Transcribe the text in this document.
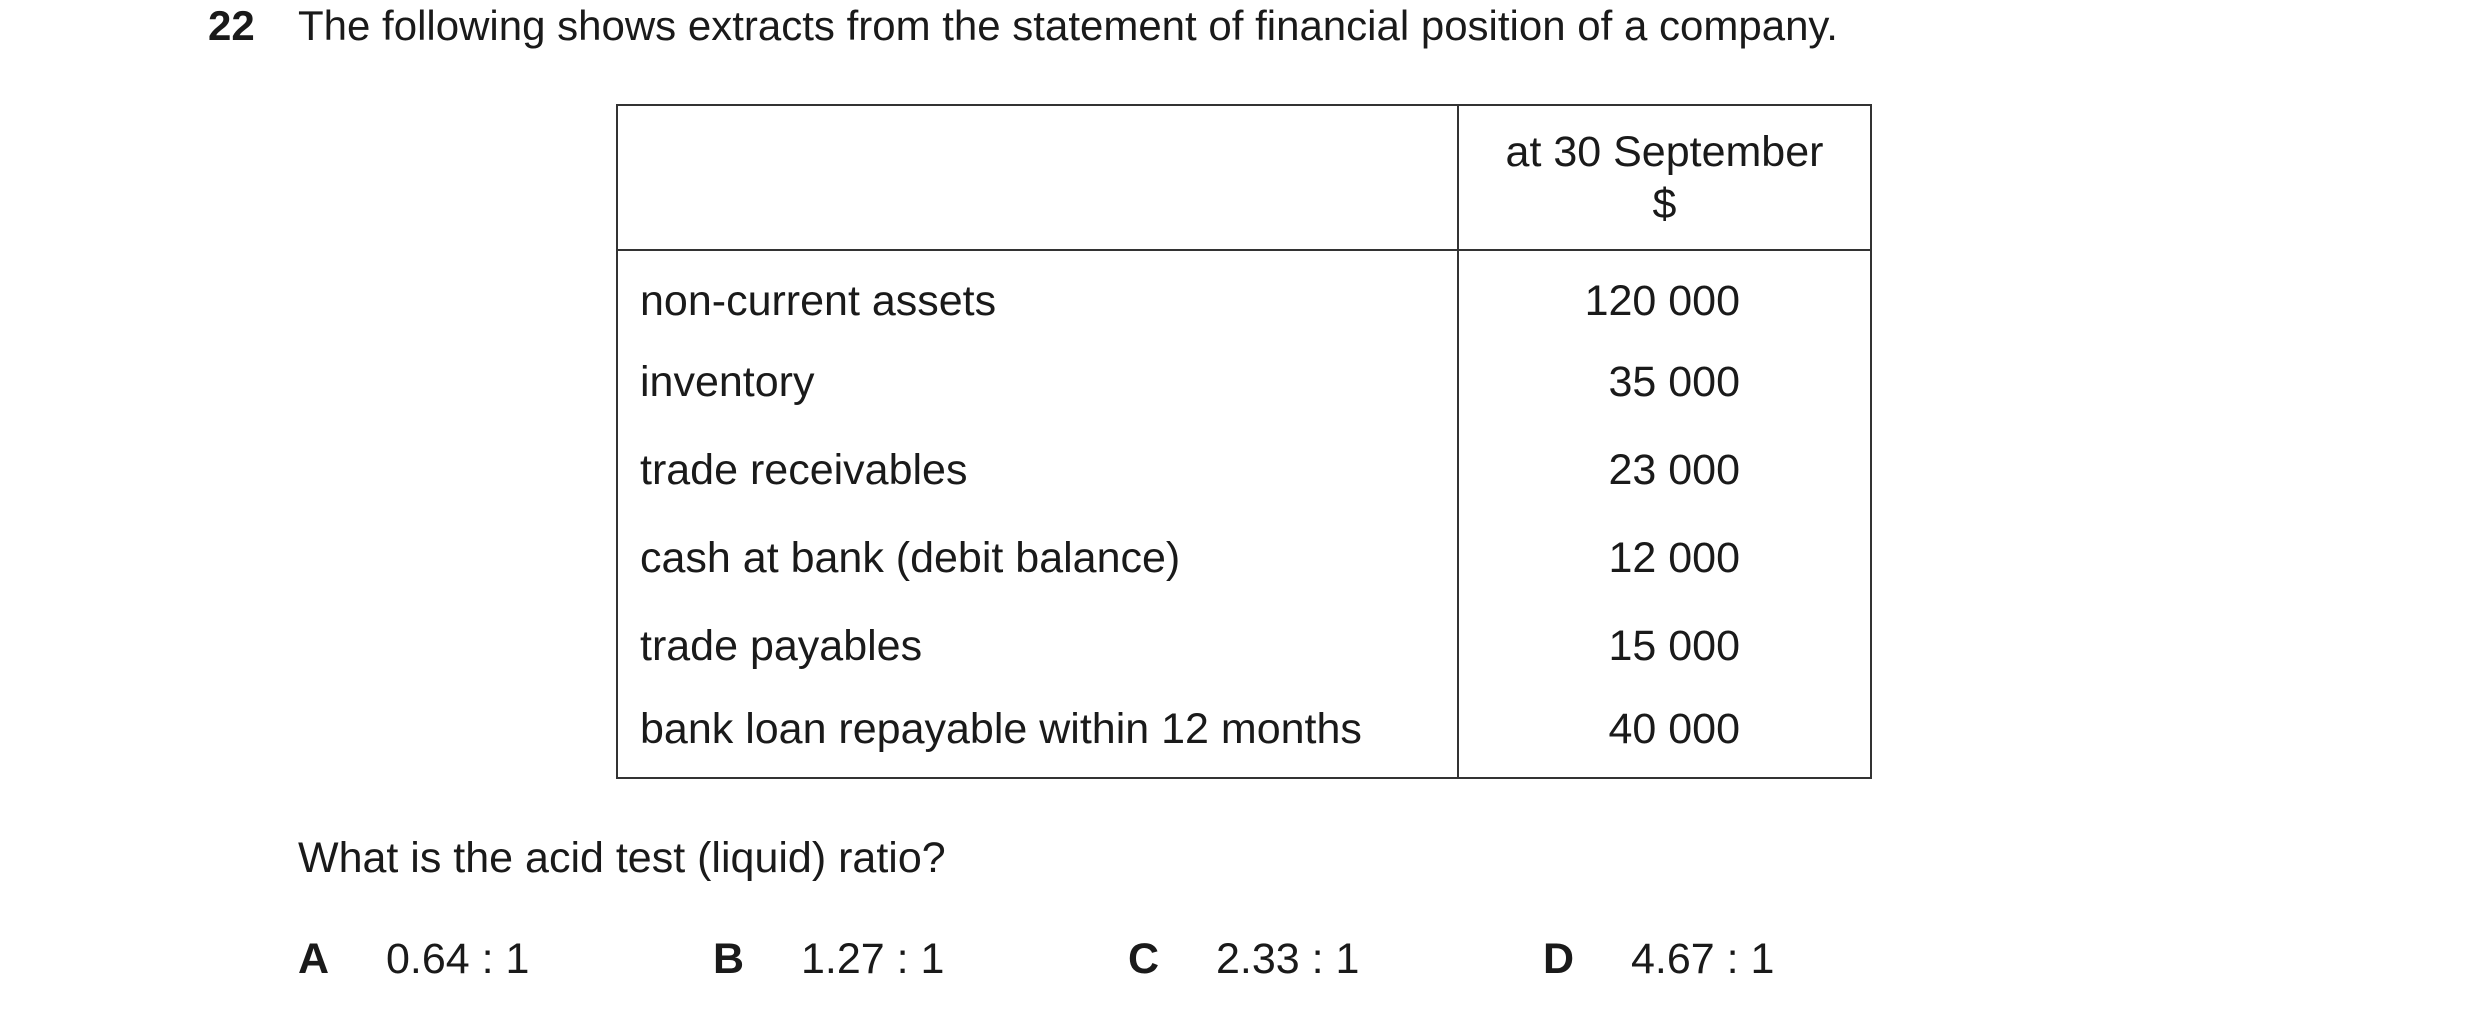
22 The following shows extracts from the statement of financial position of a company.

	at 30 September
$

non-current assets	120 000
inventory	35 000
trade receivables	23 000
cash at bank (debit balance)	12 000
trade payables	15 000
bank loan repayable within 12 months	40 000
What is the acid test (liquid) ratio?
A 0.64 : 1	B 1.27 : 1	C 2.33 : 1	D 4.67 : 1
